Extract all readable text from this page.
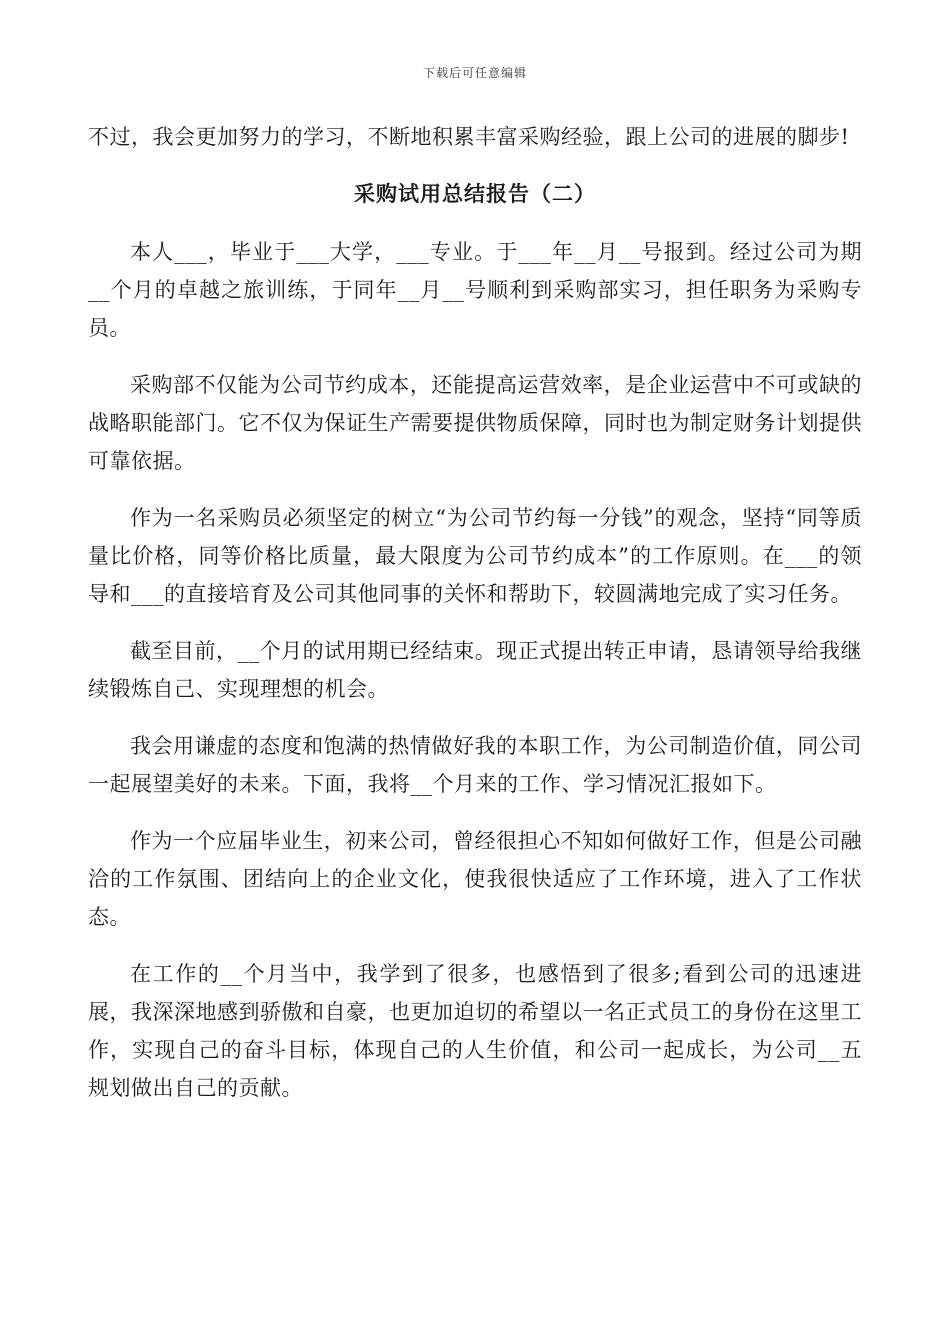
下载后可任意编辑

不过，我会更加努力的学习，不断地积累丰富采购经验，跟上公司的进展的脚步!

采购试用总结报告（二）

本人___，毕业于___大学，___专业。于___年__月__号报到。经过公司为期__个月的卓越之旅训练，于同年__月__号顺利到采购部实习，担任职务为采购专员。

采购部不仅能为公司节约成本，还能提高运营效率，是企业运营中不可或缺的战略职能部门。它不仅为保证生产需要提供物质保障，同时也为制定财务计划提供可靠依据。

作为一名采购员必须坚定的树立“为公司节约每一分钱”的观念，坚持“同等质量比价格，同等价格比质量，最大限度为公司节约成本”的工作原则。在___的领导和___的直接培育及公司其他同事的关怀和帮助下，较圆满地完成了实习任务。

截至目前，__个月的试用期已经结束。现正式提出转正申请，恳请领导给我继续锻炼自己、实现理想的机会。

我会用谦虚的态度和饱满的热情做好我的本职工作，为公司制造价值，同公司一起展望美好的未来。下面，我将__个月来的工作、学习情况汇报如下。

作为一个应届毕业生，初来公司，曾经很担心不知如何做好工作，但是公司融洽的工作氛围、团结向上的企业文化，使我很快适应了工作环境，进入了工作状态。

在工作的__个月当中，我学到了很多，也感悟到了很多;看到公司的迅速进展，我深深地感到骄傲和自豪，也更加迫切的希望以一名正式员工的身份在这里工作，实现自己的奋斗目标，体现自己的人生价值，和公司一起成长，为公司__五规划做出自己的贡献。
